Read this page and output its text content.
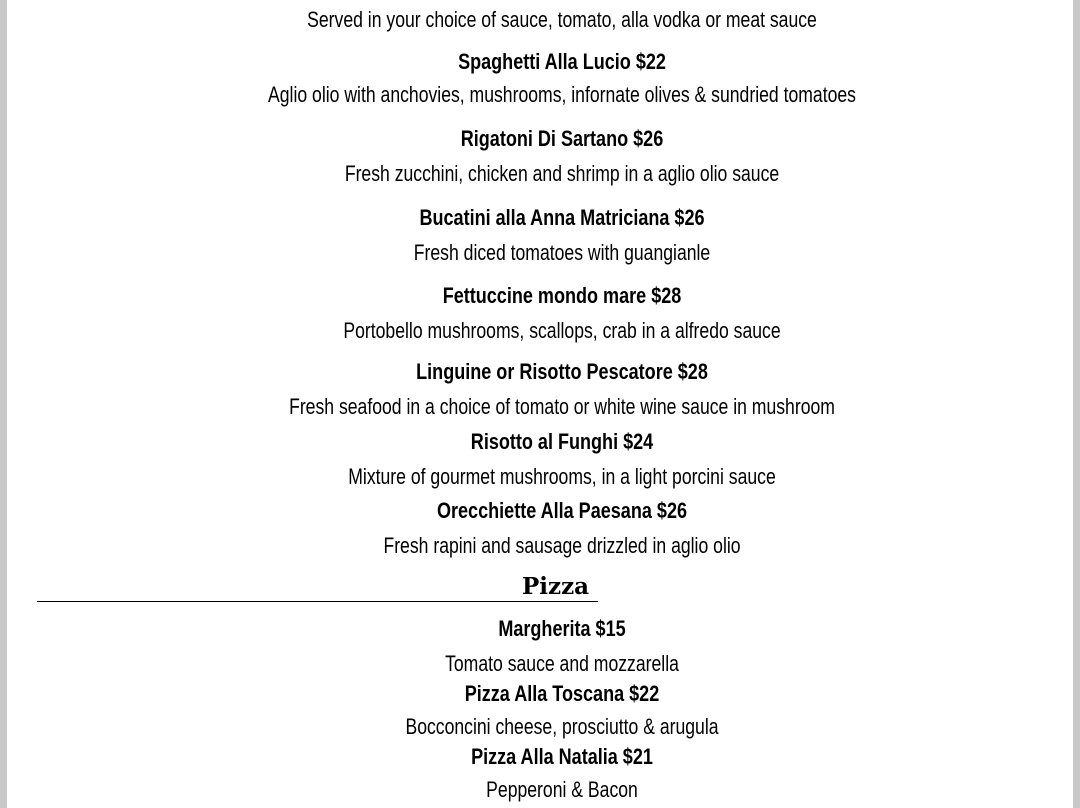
Served in your choice of sauce, tomato, alla vodka or meat sauce
Spaghetti Alla Lucio $22
Aglio olio with anchovies, mushrooms, infornate olives & sundried tomatoes
Rigatoni Di Sartano $26
Fresh zucchini, chicken and shrimp in a aglio olio sauce
Bucatini alla Anna Matriciana $26
Fresh diced tomatoes with guangianle
Fettuccine mondo mare $28
Portobello mushrooms, scallops, crab in a alfredo sauce
Linguine or Risotto Pescatore $28
Fresh seafood in a choice of tomato or white wine sauce in mushroom
Risotto al Funghi $24
Mixture of gourmet mushrooms, in a light porcini sauce
Orecchiette Alla Paesana $26
Fresh rapini and sausage drizzled in aglio olio
Pizza
Margherita $15
Tomato sauce and mozzarella
Pizza Alla Toscana $22
Bocconcini cheese, prosciutto & arugula
Pizza Alla Natalia $21
Pepperoni & Bacon
